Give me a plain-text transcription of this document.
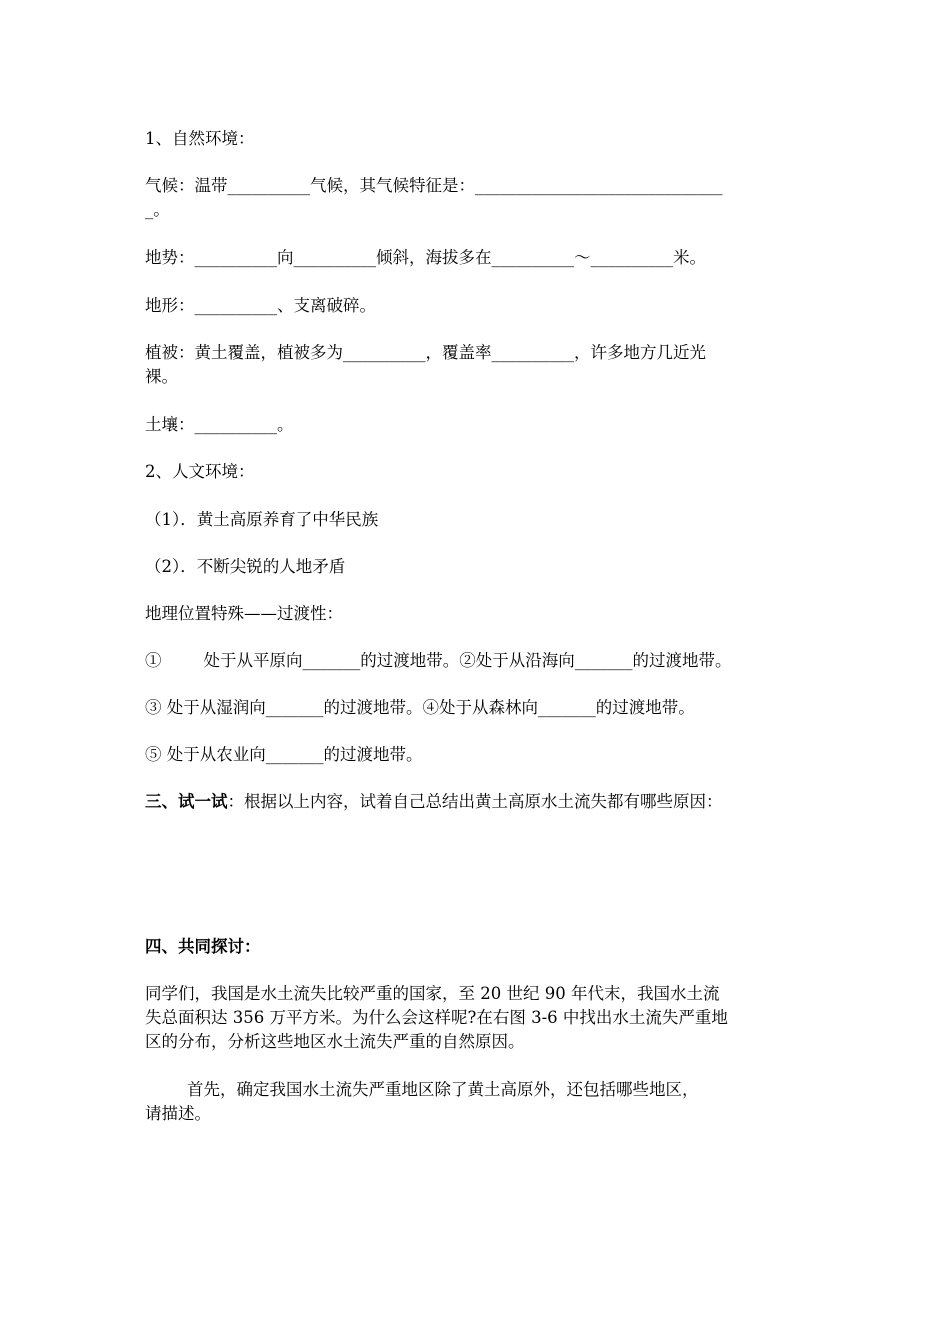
1、自然环境：
气候：温带__________气候，其气候特征是：______________________________
_。
地势：__________向__________倾斜，海拔多在__________～__________米。
地形：__________、支离破碎。
植被：黄土覆盖，植被多为__________，覆盖率__________，许多地方几近光
裸。
土壤：__________。
2、人文环境：
（1）．黄土高原养育了中华民族
（2）．不断尖锐的人地矛盾
地理位置特殊——过渡性：
①        处于从平原向_______的过渡地带。②处于从沿海向_______的过渡地带。
③ 处于从湿润向_______的过渡地带。④处于从森林向_______的过渡地带。
⑤ 处于从农业向_______的过渡地带。
三、试一试：根据以上内容，试着自己总结出黄土高原水土流失都有哪些原因：
四、共同探讨：
同学们，我国是水土流失比较严重的国家，至 20 世纪 90 年代末，我国水土流
失总面积达 356 万平方米。为什么会这样呢?在右图 3-6 中找出水土流失严重地
区的分布，分析这些地区水土流失严重的自然原因。
首先，确定我国水土流失严重地区除了黄土高原外，还包括哪些地区，
请描述。
